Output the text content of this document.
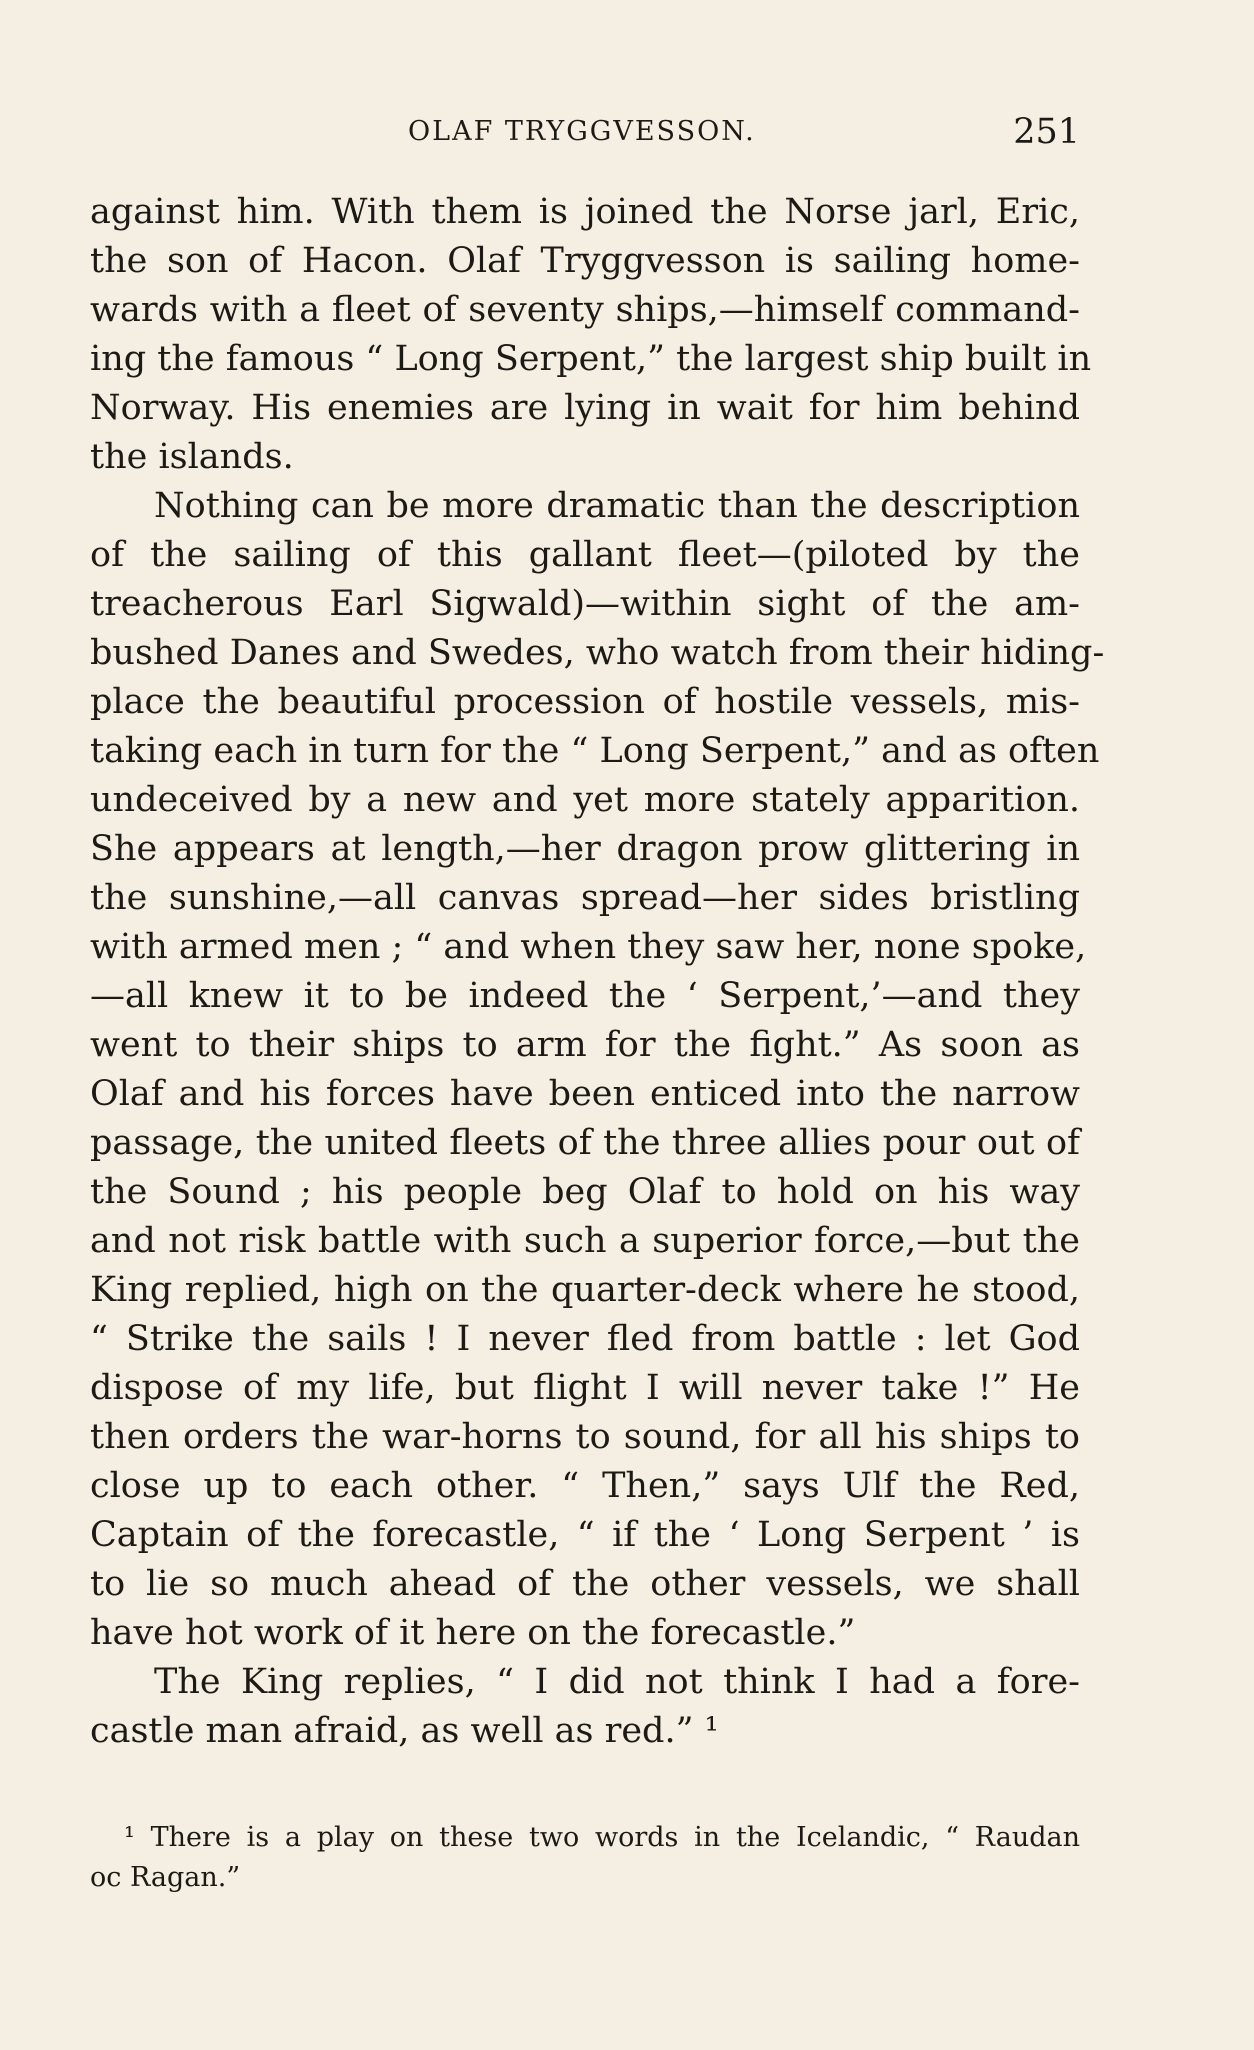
OLAF TRYGGVESSON.	251
against him. With them is joined the Norse jarl, Eric,
the son of Hacon. Olaf Tryggvesson is sailing home-
wards with a fleet of seventy ships,—himself command-
ing the famous “ Long Serpent,” the largest ship built in
Norway. His enemies are lying in wait for him behind
the islands.
Nothing can be more dramatic than the description
of the sailing of this gallant fleet—(piloted by the
treacherous Earl Sigwald)—within sight of the am-
bushed Danes and Swedes, who watch from their hiding-
place the beautiful procession of hostile vessels, mis-
taking each in turn for the “ Long Serpent,” and as often
undeceived by a new and yet more stately apparition.
She appears at length,—her dragon prow glittering in
the sunshine,—all canvas spread—her sides bristling
with armed men ; “ and when they saw her, none spoke,
—all knew it to be indeed the ‘ Serpent,’—and they
went to their ships to arm for the fight.” As soon as
Olaf and his forces have been enticed into the narrow
passage, the united fleets of the three allies pour out of
the Sound ; his people beg Olaf to hold on his way
and not risk battle with such a superior force,—but the
King replied, high on the quarter-deck where he stood,
“ Strike the sails ! I never fled from battle : let God
dispose of my life, but flight I will never take !” He
then orders the war-horns to sound, for all his ships to
close up to each other. “ Then,” says Ulf the Red,
Captain of the forecastle, “ if the ‘ Long Serpent ’ is
to lie so much ahead of the other vessels, we shall
have hot work of it here on the forecastle.”
The King replies, “ I did not think I had a fore-
castle man afraid, as well as red.” ¹
¹ There is a play on these two words in the Icelandic, “ Raudan
oc Ragan.”
